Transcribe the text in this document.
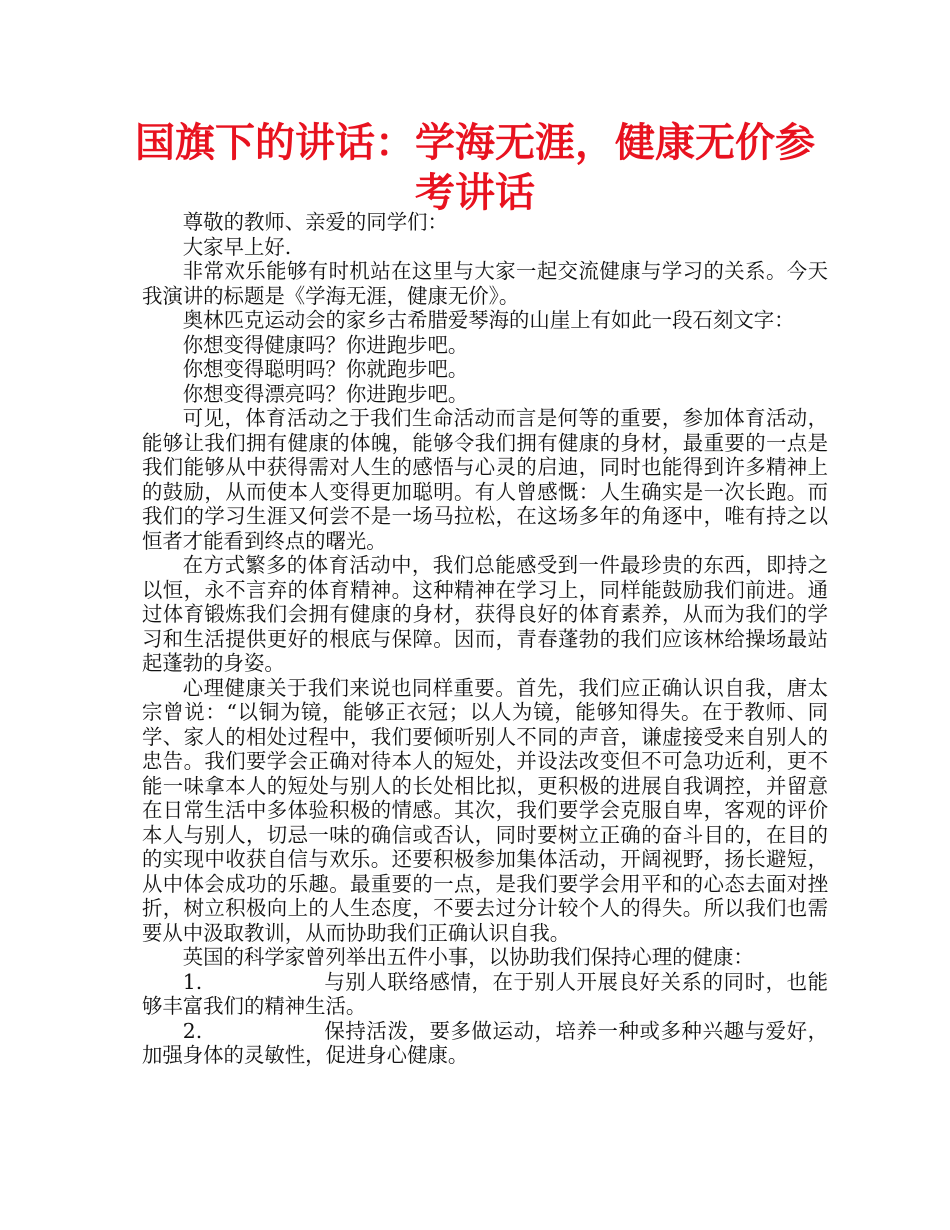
国旗下的讲话：学海无涯，健康无价参考讲话

尊敬的教师、亲爱的同学们：

大家早上好.

非常欢乐能够有时机站在这里与大家一起交流健康与学习的关系。今天我演讲的标题是《学海无涯，健康无价》。

奥林匹克运动会的家乡古希腊爱琴海的山崖上有如此一段石刻文字：

你想变得健康吗？你进跑步吧。

你想变得聪明吗？你就跑步吧。

你想变得漂亮吗？你进跑步吧。

可见，体育活动之于我们生命活动而言是何等的重要，参加体育活动，能够让我们拥有健康的体魄，能够令我们拥有健康的身材，最重要的一点是我们能够从中获得需对人生的感悟与心灵的启迪，同时也能得到许多精神上的鼓励，从而使本人变得更加聪明。有人曾感慨：人生确实是一次长跑。而我们的学习生涯又何尝不是一场马拉松，在这场多年的角逐中，唯有持之以恒者才能看到终点的曙光。

在方式繁多的体育活动中，我们总能感受到一件最珍贵的东西，即持之以恒，永不言弃的体育精神。这种精神在学习上，同样能鼓励我们前进。通过体育锻炼我们会拥有健康的身材，获得良好的体育素养，从而为我们的学习和生活提供更好的根底与保障。因而，青春蓬勃的我们应该林给操场最站起蓬勃的身姿。

心理健康关于我们来说也同样重要。首先，我们应正确认识自我，唐太宗曾说：“以铜为镜，能够正衣冠；以人为镜，能够知得失。在于教师、同学、家人的相处过程中，我们要倾听别人不同的声音，谦虚接受来自别人的忠告。我们要学会正确对待本人的短处，并设法改变但不可急功近利，更不能一味拿本人的短处与别人的长处相比拟，更积极的进展自我调控，并留意在日常生活中多体验积极的情感。其次，我们要学会克服自卑，客观的评价本人与别人，切忌一味的确信或否认，同时要树立正确的奋斗目的，在目的的实现中收获自信与欢乐。还要积极参加集体活动，开阔视野，扬长避短，从中体会成功的乐趣。最重要的一点，是我们要学会用平和的心态去面对挫折，树立积极向上的人生态度，不要去过分计较个人的得失。所以我们也需要从中汲取教训，从而协助我们正确认识自我。

英国的科学家曾列举出五件小事，以协助我们保持心理的健康：

1.	与别人联络感情，在于别人开展良好关系的同时，也能够丰富我们的精神生活。

2.	保持活泼，要多做运动，培养一种或多种兴趣与爱好，加强身体的灵敏性，促进身心健康。
